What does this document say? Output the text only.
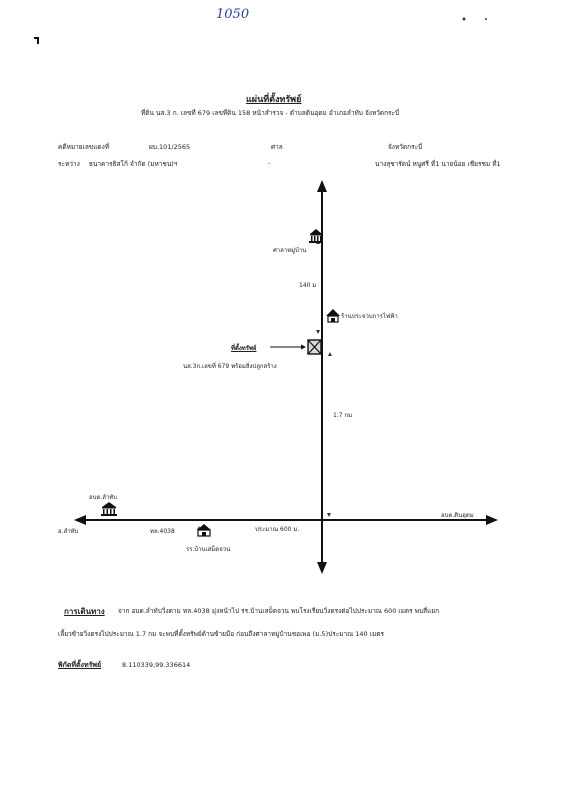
1050
แผ่นที่ตั้งทรัพย์
ที่ดิน นส.3 ก. เลขที่ 679 เลขที่ดิน 158 หน้าสำรวจ - ตำบลดินอุดม อำเภอลำทับ จังหวัดกระบี่
คดีหมายเลขแดงที่	ผบ.101/2565	ศาล	จังหวัดกระบี่
ระหว่าง ธนาคารธิสโก้ จำกัด (มหาชน)ฯ	-	นางสุชารัตน์ หนูศรี ที่1 นายน้อย เชียรชม ที่1
ศาลาหมู่บ้าน
140 ม
ร้านประจวบการไฟฟ้า
ที่ตั้งทรัพย์
นส.3ก.เลขที่ 679 พร้อมสิ่งปลูกสร้าง
1.7 กม
อบต.ลำทับ
อ.ลำทับ	ทล.4038
รร.บ้านเสม็ดจวน
ประมาณ 600 ม.
อบต.ดินอุดม
การเดินทาง จาก อบต.ลำทับวิ่งตาม ทล.4038 มุ่งหน้าไป รร.บ้านเสม็ดจวน พบโรงเรียนวิ่งตรงต่อไปประมาณ 600 เมตร พบสี่แยก
เลี้ยวซ้ายวิ่งตรงไปประมาณ 1.7 กม จะพบที่ตั้งทรัพย์ด้านซ้ายมือ ก่อนถึงศาลาหมู่บ้านชอเพอ (ม.5)ประมาณ 140 เมตร
พิกัดที่ตั้งทรัพย์	8.110339,99.336614
